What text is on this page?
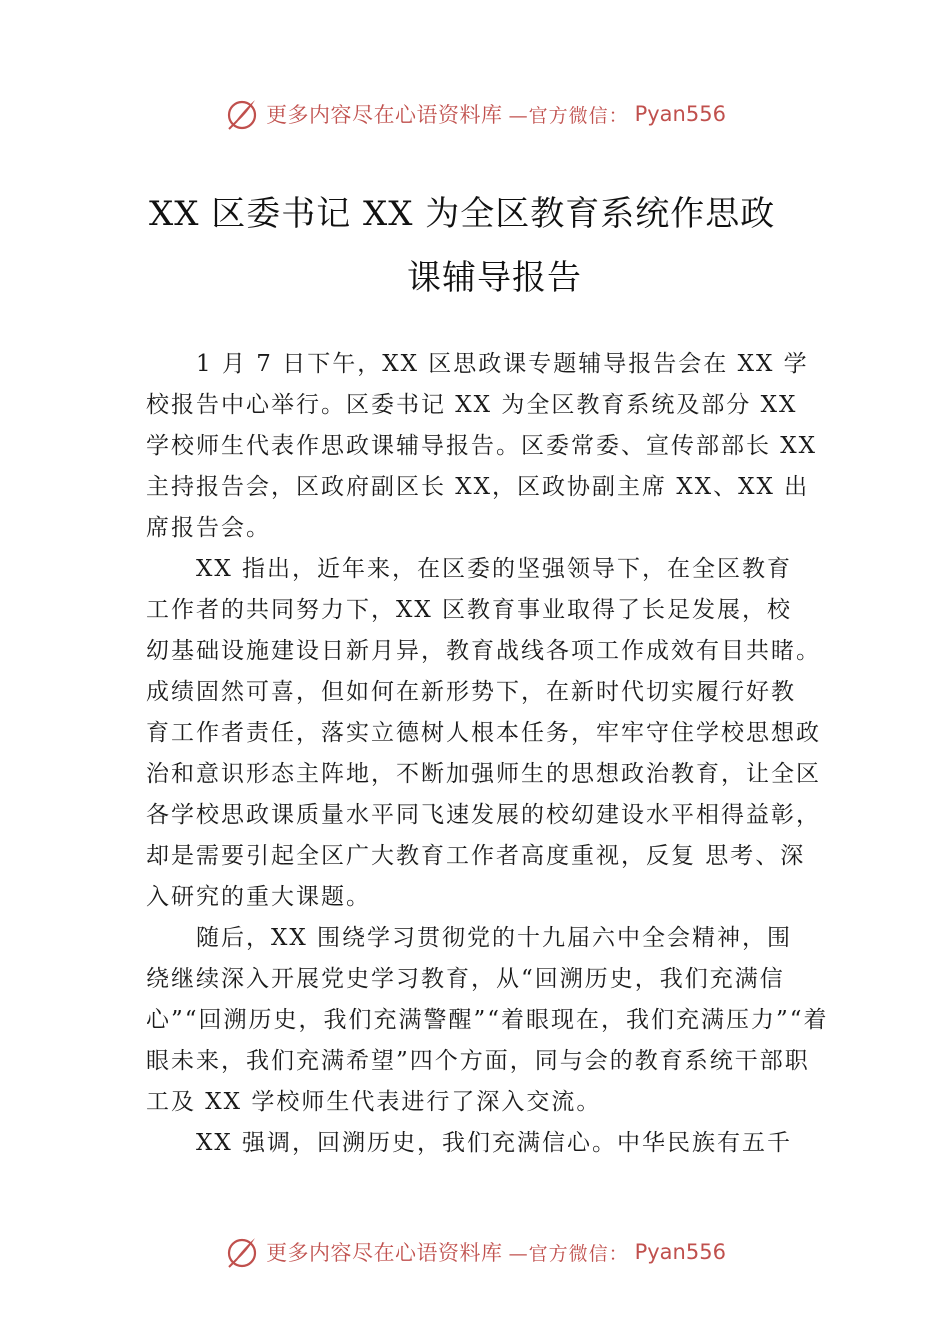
更多内容尽在心语资料库 —官方微信： Pyan556
XX 区委书记 XX 为全区教育系统作思政
课辅导报告
　　1 月 7 日下午，XX 区思政课专题辅导报告会在 XX 学
校报告中心举行。区委书记 XX 为全区教育系统及部分 XX
学校师生代表作思政课辅导报告。区委常委、宣传部部长 XX
主持报告会，区政府副区长 XX，区政协副主席 XX、XX 出
席报告会。
　　XX 指出，近年来，在区委的坚强领导下，在全区教育
工作者的共同努力下，XX 区教育事业取得了长足发展，校
㓜基础设施建设日新月异，教育战线各项工作成效有目共睹。
成绩固然可喜，但如何在新形势下，在新时代切实履行好教
育工作者责任，落实立德树人根本任务，牢牢守住学校思想政
治和意识形态主阵地，不断加强师生的思想政治教育，让全区
各学校思政课质量水平同飞速发展的校㓜建设水平相得益彰，
却是需要引起全区广大教育工作者高度重视，反复 思考、深
入研究的重大课题。
　　随后，XX 围绕学习贯彻党的十九届六中全会精神，围
绕继续深入开展党史学习教育，从“回溯历史，我们充满信
心”“回溯历史，我们充满警醒”“着眼现在，我们充满压力”“着
眼未来，我们充满希望”四个方面，同与会的教育系统干部职
工及 XX 学校师生代表进行了深入交流。
　　XX 强调，回溯历史，我们充满信心。中华民族有五千
更多内容尽在心语资料库 —官方微信： Pyan556
